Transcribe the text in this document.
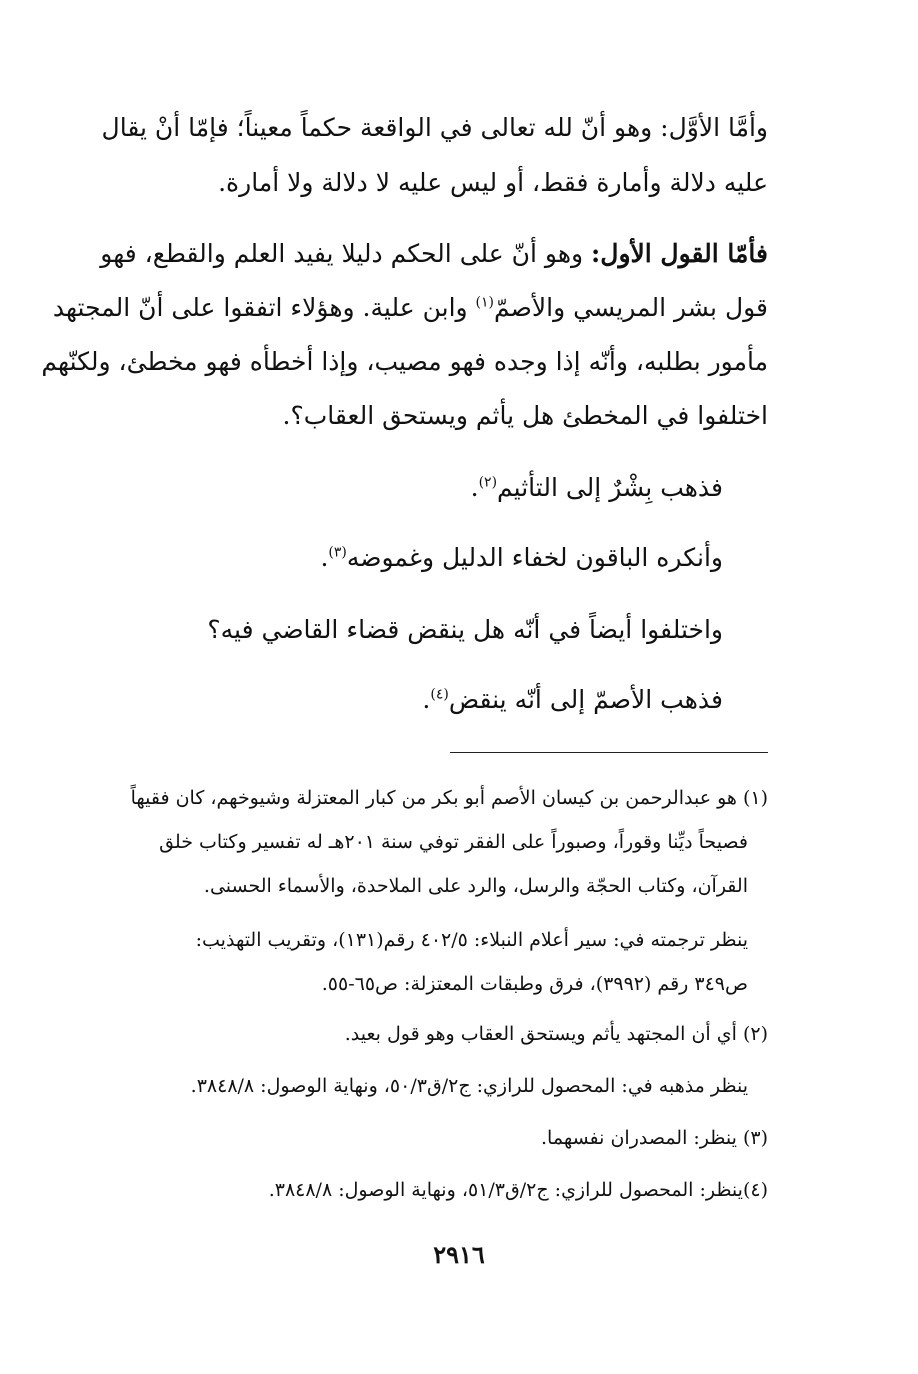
وأمَّا الأوَّل: وهو أنّ لله تعالى في الواقعة حكماً معيناً؛ فإمّا أنْ يقال
عليه دلالة وأمارة فقط، أو ليس عليه لا دلالة ولا أمارة.
فأمّا القول الأول: وهو أنّ على الحكم دليلا يفيد العلم والقطع، فهو
قول بشر المريسي والأصمّ$^{(١)}$ وابن علية. وهؤلاء اتفقوا على أنّ المجتهد
مأمور بطلبه، وأنّه إذا وجده فهو مصيب، وإذا أخطأه فهو مخطئ، ولكنّهم
اختلفوا في المخطئ هل يأثم ويستحق العقاب؟.
فذهب بِشْرٌ إلى التأثيم$^{(٢)}$.
وأنكره الباقون لخفاء الدليل وغموضه$^{(٣)}$.
واختلفوا أيضاً في أنّه هل ينقض قضاء القاضي فيه؟
فذهب الأصمّ إلى أنّه ينقض$^{(٤)}$.
(١) هو عبدالرحمن بن كيسان الأصم أبو بكر من كبار المعتزلة وشيوخهم، كان فقيهاً
فصيحاً ديِّنا وقوراً، وصبوراً على الفقر توفي سنة ٢٠١هـ له تفسير وكتاب خلق
القرآن، وكتاب الحجّة والرسل، والرد على الملاحدة، والأسماء الحسنى.
ينظر ترجمته في: سير أعلام النبلاء: ٤٠٢/٥ رقم(١٣١)، وتقريب التهذيب:
ص٣٤٩ رقم (٣٩٩٢)، فرق وطبقات المعتزلة: ص٦٥-٥٥.
(٢) أي أن المجتهد يأثم ويستحق العقاب وهو قول بعيد.
ينظر مذهبه في: المحصول للرازي: ج٢/ق٥٠/٣، ونهاية الوصول: ٣٨٤٨/٨.
(٣) ينظر: المصدران نفسهما.
(٤)ينظر: المحصول للرازي: ج٢/ق٥١/٣، ونهاية الوصول: ٣٨٤٨/٨.
٢٩١٦
